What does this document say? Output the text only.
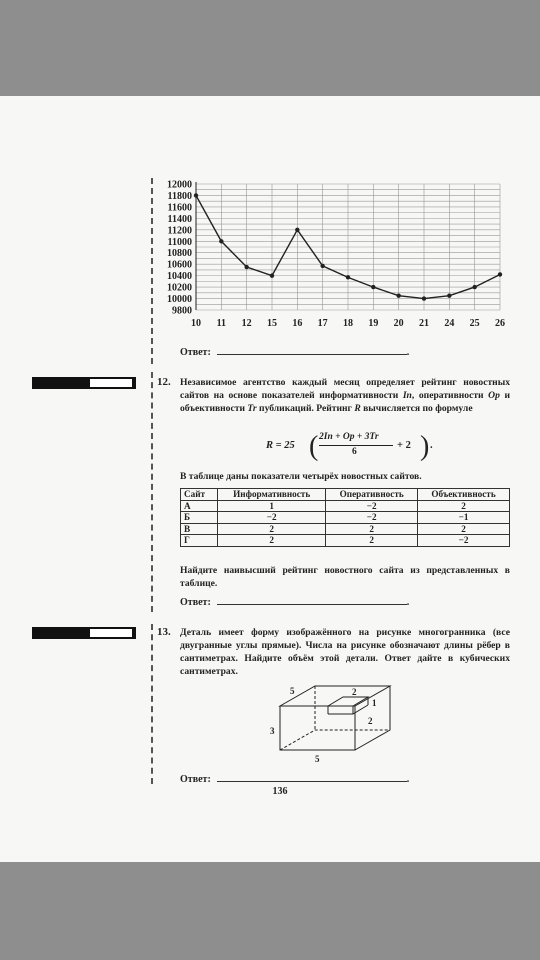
12000
11800
11600
11400
11200
11000
10800
10600
10400
10200
10000
9800
10 11 12 15 16 17 18 19 20 21 24 25 26
Ответ:	.
12. Независимое агентство каждый месяц определяет рейтинг новостных сайтов на основе показателей информативности In, оперативности Op и объективности Tr публикаций. Рейтинг R вычисляется по формуле
R = 25 ( 2In + Op + 3Tr
6
+ 2 ) .
В таблице даны показатели четырёх новостных сайтов.
Сайт	Информативность	Оперативность	Объективность
А	1	−2	2
Б	−2	−2	−1
В	2	2	2
Г	2	2	−2
Найдите наивысший рейтинг новостного сайта из представленных в таблице.
Ответ:	.
13. Деталь имеет форму изображённого на рисунке многогранника (все двугранные углы прямые). Числа на рисунке обозначают длины рёбер в сантиметрах. Найдите объём этой детали. Ответ дайте в кубических сантиметрах.
5
3
5
2
1
2
Ответ:	.
136
